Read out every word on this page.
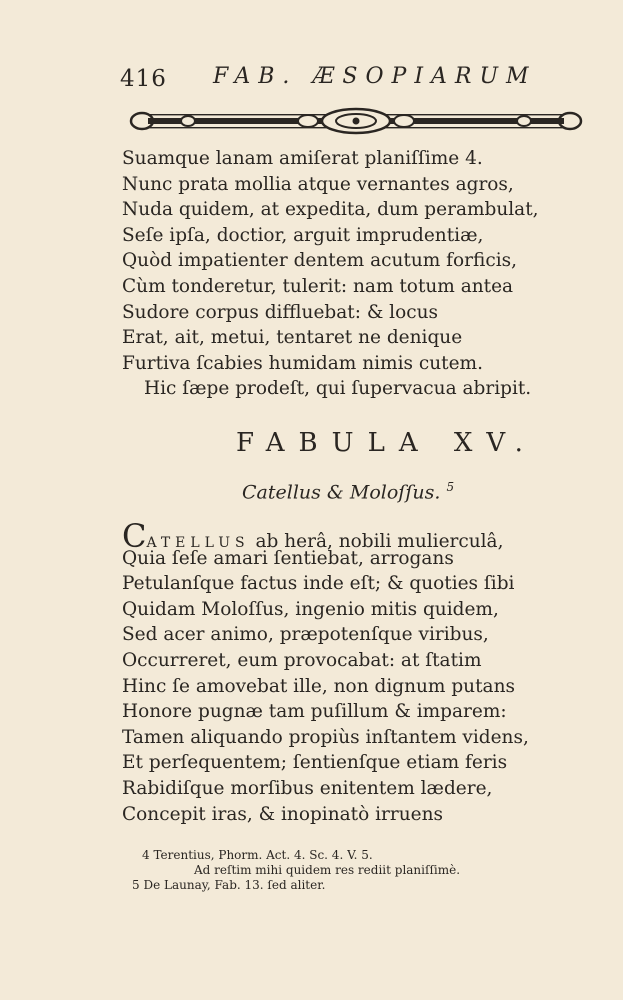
416 FAB. ÆSOPIARUM
Suamque lanam amiſerat planiſſime 4.
Nunc prata mollia atque vernantes agros,
Nuda quidem, at expedita, dum perambulat,
Seſe ipſa, doctior, arguit imprudentiæ,
Quòd impatienter dentem acutum forficis,
Cùm tonderetur, tulerit: nam totum antea
Sudore corpus diffluebat: & locus
Erat, ait, metui, tentaret ne denique
Furtiva ſcabies humidam nimis cutem.
Hic ſæpe prodeſt, qui ſupervacua abripit.
FABULA XV.
Catellus & Moloſſus. $^5$
CATELLUS ab herâ, nobili mulierculâ,
Quia ſeſe amari ſentiebat, arrogans
Petulanſque factus inde eſt; & quoties ſibi
Quidam Moloſſus, ingenio mitis quidem,
Sed acer animo, præpotenſque viribus,
Occurreret, eum provocabat: at ſtatim
Hinc ſe amovebat ille, non dignum putans
Honore pugnæ tam puſillum & imparem:
Tamen aliquando propiùs inſtantem videns,
Et perſequentem; ſentienſque etiam feris
Rabidiſque morſibus enitentem lædere,
Concepit iras, & inopinatò irruens
4 Terentius, Phorm. Act. 4. Sc. 4. V. 5.
Ad reſtim mihi quidem res rediit planiſſimè.
5 De Launay, Fab. 13. ſed aliter.
